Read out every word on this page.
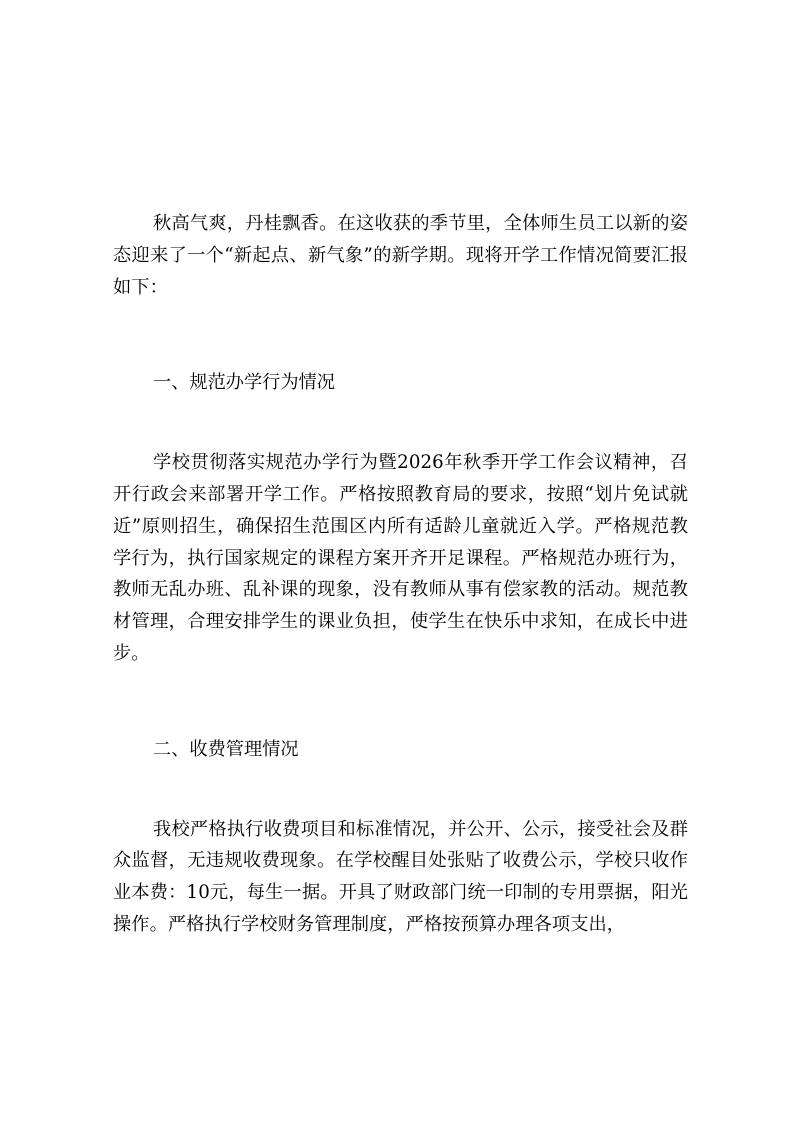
秋高气爽，丹桂飘香。在这收获的季节里，全体师生员工以新的姿态迎来了一个“新起点、新气象”的新学期。现将开学工作情况简要汇报如下：

一、规范办学行为情况

学校贯彻落实规范办学行为暨2026年秋季开学工作会议精神，召开行政会来部署开学工作。严格按照教育局的要求，按照“划片免试就近”原则招生，确保招生范围区内所有适龄儿童就近入学。严格规范教学行为，执行国家规定的课程方案开齐开足课程。严格规范办班行为，教师无乱办班、乱补课的现象，没有教师从事有偿家教的活动。规范教材管理，合理安排学生的课业负担，使学生在快乐中求知，在成长中进步。

二、收费管理情况

我校严格执行收费项目和标准情况，并公开、公示，接受社会及群众监督，无违规收费现象。在学校醒目处张贴了收费公示，学校只收作业本费：10元，每生一据。开具了财政部门统一印制的专用票据，阳光操作。严格执行学校财务管理制度，严格按预算办理各项支出，
